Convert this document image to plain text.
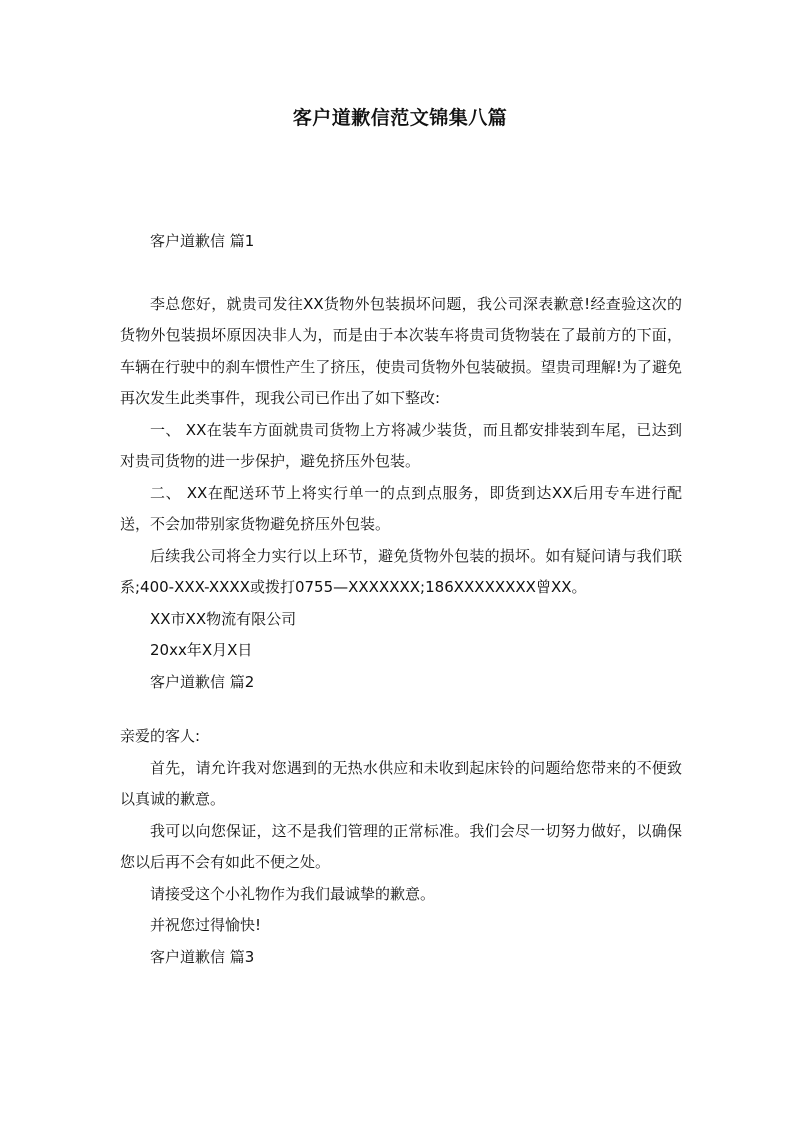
客户道歉信范文锦集八篇

客户道歉信 篇1

李总您好，就贵司发往XX货物外包装损坏问题，我公司深表歉意!经查验这次的货物外包装损坏原因决非人为，而是由于本次装车将贵司货物装在了最前方的下面，车辆在行驶中的刹车惯性产生了挤压，使贵司货物外包装破损。望贵司理解!为了避免再次发生此类事件，现我公司已作出了如下整改:

一、 XX在装车方面就贵司货物上方将减少装货，而且都安排装到车尾，已达到对贵司货物的进一步保护，避免挤压外包装。

二、 XX在配送环节上将实行单一的点到点服务，即货到达XX后用专车进行配送，不会加带别家货物避免挤压外包装。

后续我公司将全力实行以上环节，避免货物外包装的损坏。如有疑问请与我们联系;400-XXX-XXXX或拨打0755—XXXXXXX;186XXXXXXXX曾XX。

XX市XX物流有限公司

20xx年X月X日

客户道歉信 篇2

亲爱的客人:

首先，请允许我对您遇到的无热水供应和未收到起床铃的问题给您带来的不便致以真诚的歉意。

我可以向您保证，这不是我们管理的正常标准。我们会尽一切努力做好，以确保您以后再不会有如此不便之处。

请接受这个小礼物作为我们最诚挚的歉意。

并祝您过得愉快!

客户道歉信 篇3
